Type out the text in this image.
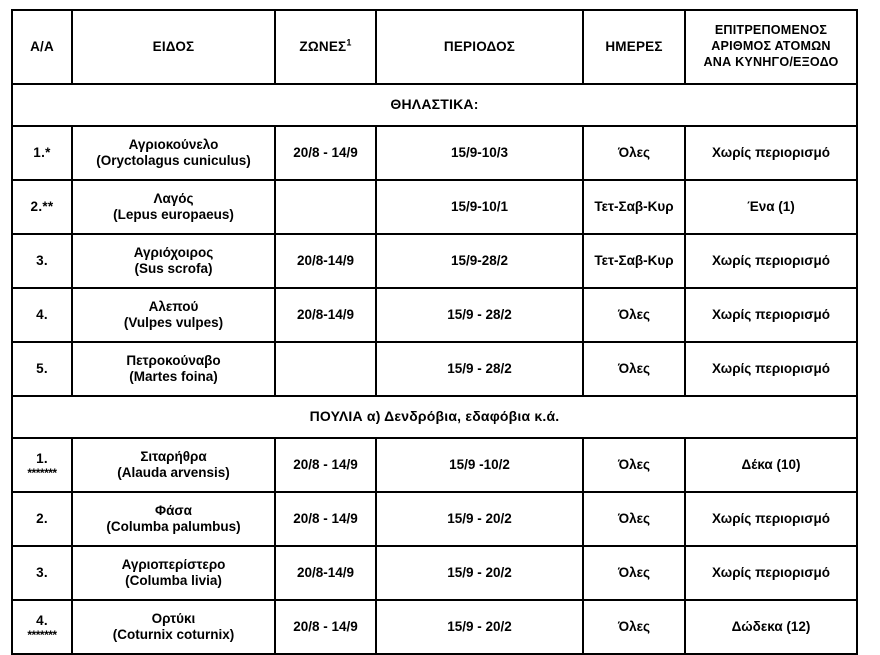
Α/Α	ΕΙΔΟΣ	ΖΩΝΕΣ$^1$	ΠΕΡΙΟΔΟΣ	ΗΜΕΡΕΣ	ΕΠΙΤΡΕΠΟΜΕΝΟΣ
ΑΡΙΘΜΟΣ ΑΤΟΜΩΝ
ΑΝΑ ΚΥΝΗΓΟ/ΕΞΟΔΟ
ΘΗΛΑΣΤΙΚΑ:					

1.*	Αγριοκούνελο
(Oryctolagus cuniculus)	20/8 - 14/9	15/9-10/3	Όλες	Χωρίς περιορισμό

2.**	Λαγός
(Lepus europaeus)		15/9-10/1	Τετ-Σαβ-Κυρ	Ένα (1)

3.	Αγριόχοιρος
(Sus scrofa)	20/8-14/9	15/9-28/2	Τετ-Σαβ-Κυρ	Χωρίς περιορισμό

4.	Αλεπού
(Vulpes vulpes)	20/8-14/9	15/9 - 28/2	Όλες	Χωρίς περιορισμό

5.	Πετροκούναβο
(Martes foina)		15/9 - 28/2	Όλες	Χωρίς περιορισμό
ΠΟΥΛΙΑ α) Δενδρόβια, εδαφόβια κ.ά.					

1.
*******	Σιταρήθρα
(Alauda arvensis)	20/8 - 14/9	15/9 -10/2	Όλες	Δέκα (10)

2.	Φάσα
(Columba palumbus)	20/8 - 14/9	15/9 - 20/2	Όλες	Χωρίς περιορισμό

3.	Αγριοπερίστερο
(Columba livia)	20/8-14/9	15/9 - 20/2	Όλες	Χωρίς περιορισμό

4.
*******	Ορτύκι
(Coturnix coturnix)	20/8 - 14/9	15/9 - 20/2	Όλες	Δώδεκα (12)
